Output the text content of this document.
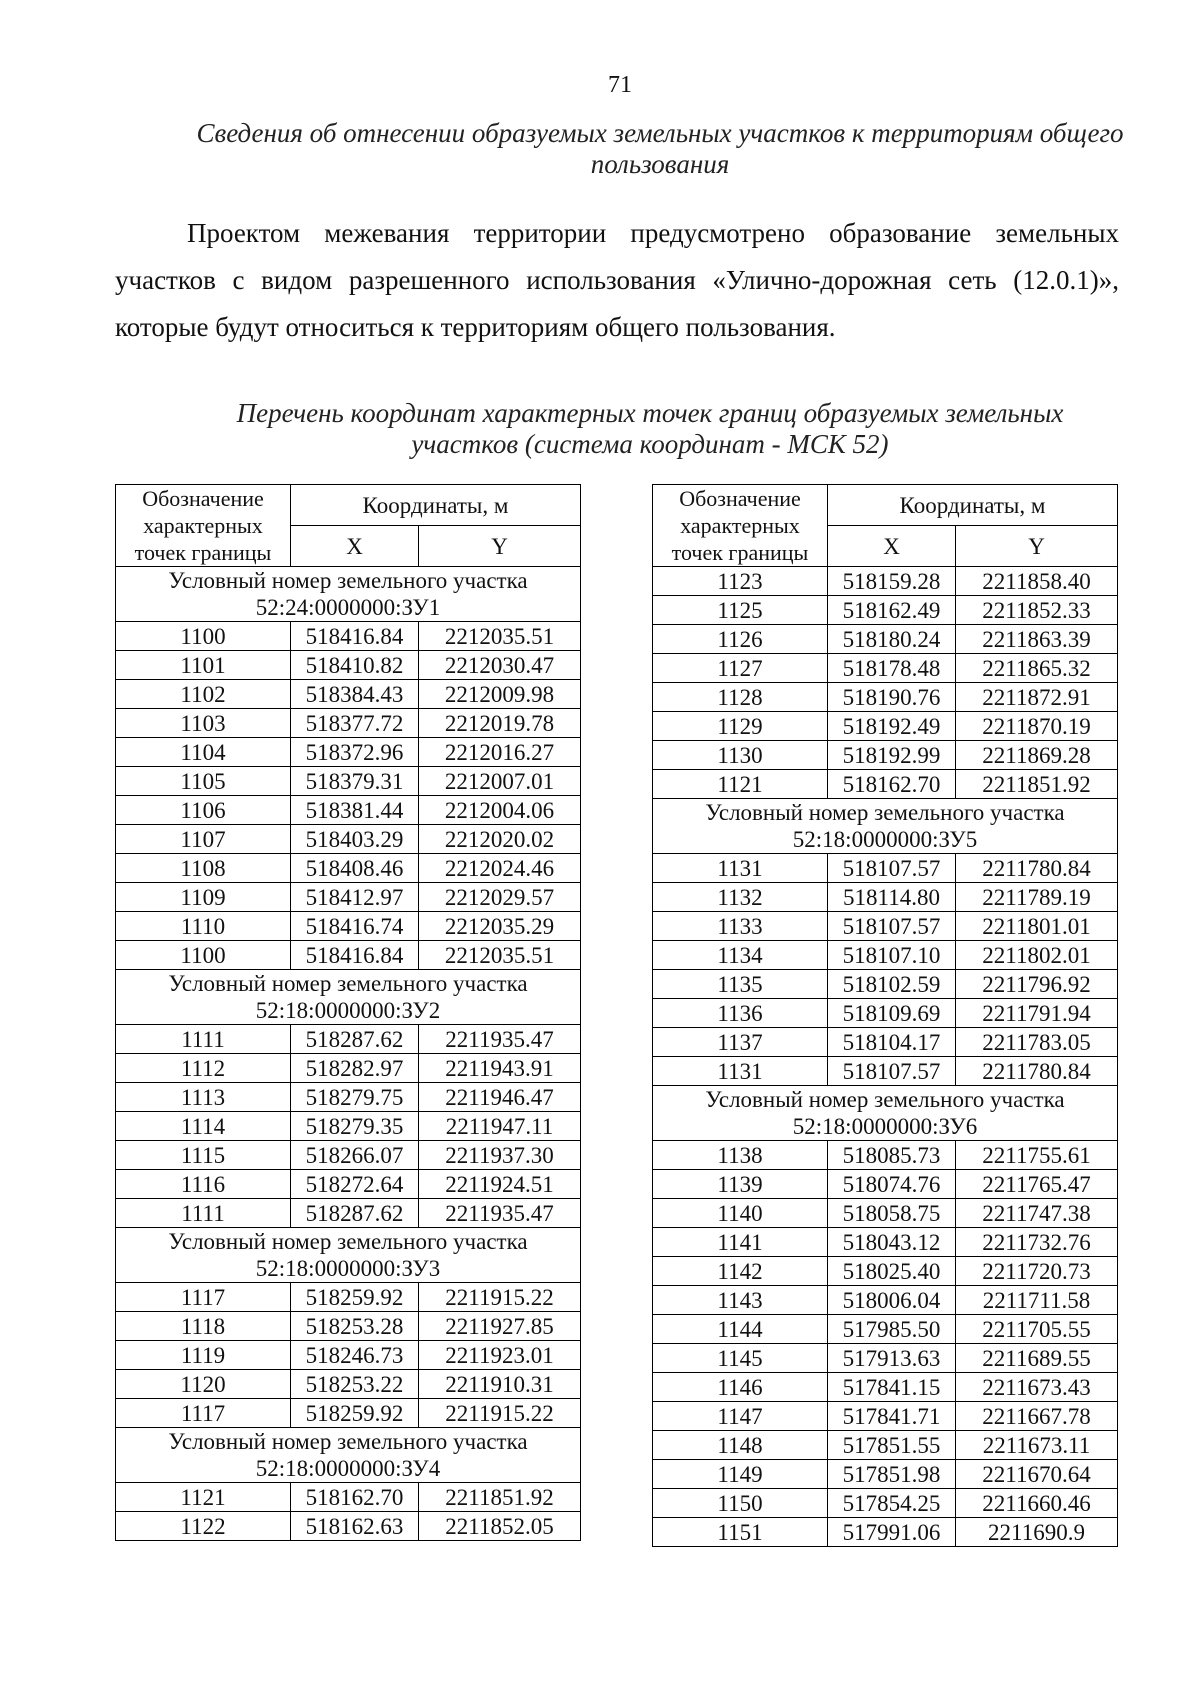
71
Сведения об отнесении образуемых земельных участков к территориям общего пользования
Проектом межевания территории предусмотрено образование земельных участков с видом разрешенного использования «Улично-дорожная сеть (12.0.1)», которые будут относиться к территориям общего пользования.
Перечень координат характерных точек границ образуемых земельных участков (система координат - МСК 52)
Обозначение
характерных
точек границы	Координаты, м	
	X	Y
Условный номер земельного участка
52:24:0000000:ЗУ1		
1100	518416.84	2212035.51
1101	518410.82	2212030.47
1102	518384.43	2212009.98
1103	518377.72	2212019.78
1104	518372.96	2212016.27
1105	518379.31	2212007.01
1106	518381.44	2212004.06
1107	518403.29	2212020.02
1108	518408.46	2212024.46
1109	518412.97	2212029.57
1110	518416.74	2212035.29
1100	518416.84	2212035.51
Условный номер земельного участка
52:18:0000000:ЗУ2		
1111	518287.62	2211935.47
1112	518282.97	2211943.91
1113	518279.75	2211946.47
1114	518279.35	2211947.11
1115	518266.07	2211937.30
1116	518272.64	2211924.51
1111	518287.62	2211935.47
Условный номер земельного участка
52:18:0000000:ЗУ3		
1117	518259.92	2211915.22
1118	518253.28	2211927.85
1119	518246.73	2211923.01
1120	518253.22	2211910.31
1117	518259.92	2211915.22
Условный номер земельного участка
52:18:0000000:ЗУ4		
1121	518162.70	2211851.92
1122	518162.63	2211852.05
Обозначение
характерных
точек границы	Координаты, м	
	X	Y
1123	518159.28	2211858.40
1125	518162.49	2211852.33
1126	518180.24	2211863.39
1127	518178.48	2211865.32
1128	518190.76	2211872.91
1129	518192.49	2211870.19
1130	518192.99	2211869.28
1121	518162.70	2211851.92
Условный номер земельного участка
52:18:0000000:ЗУ5		
1131	518107.57	2211780.84
1132	518114.80	2211789.19
1133	518107.57	2211801.01
1134	518107.10	2211802.01
1135	518102.59	2211796.92
1136	518109.69	2211791.94
1137	518104.17	2211783.05
1131	518107.57	2211780.84
Условный номер земельного участка
52:18:0000000:ЗУ6		
1138	518085.73	2211755.61
1139	518074.76	2211765.47
1140	518058.75	2211747.38
1141	518043.12	2211732.76
1142	518025.40	2211720.73
1143	518006.04	2211711.58
1144	517985.50	2211705.55
1145	517913.63	2211689.55
1146	517841.15	2211673.43
1147	517841.71	2211667.78
1148	517851.55	2211673.11
1149	517851.98	2211670.64
1150	517854.25	2211660.46
1151	517991.06	2211690.9
